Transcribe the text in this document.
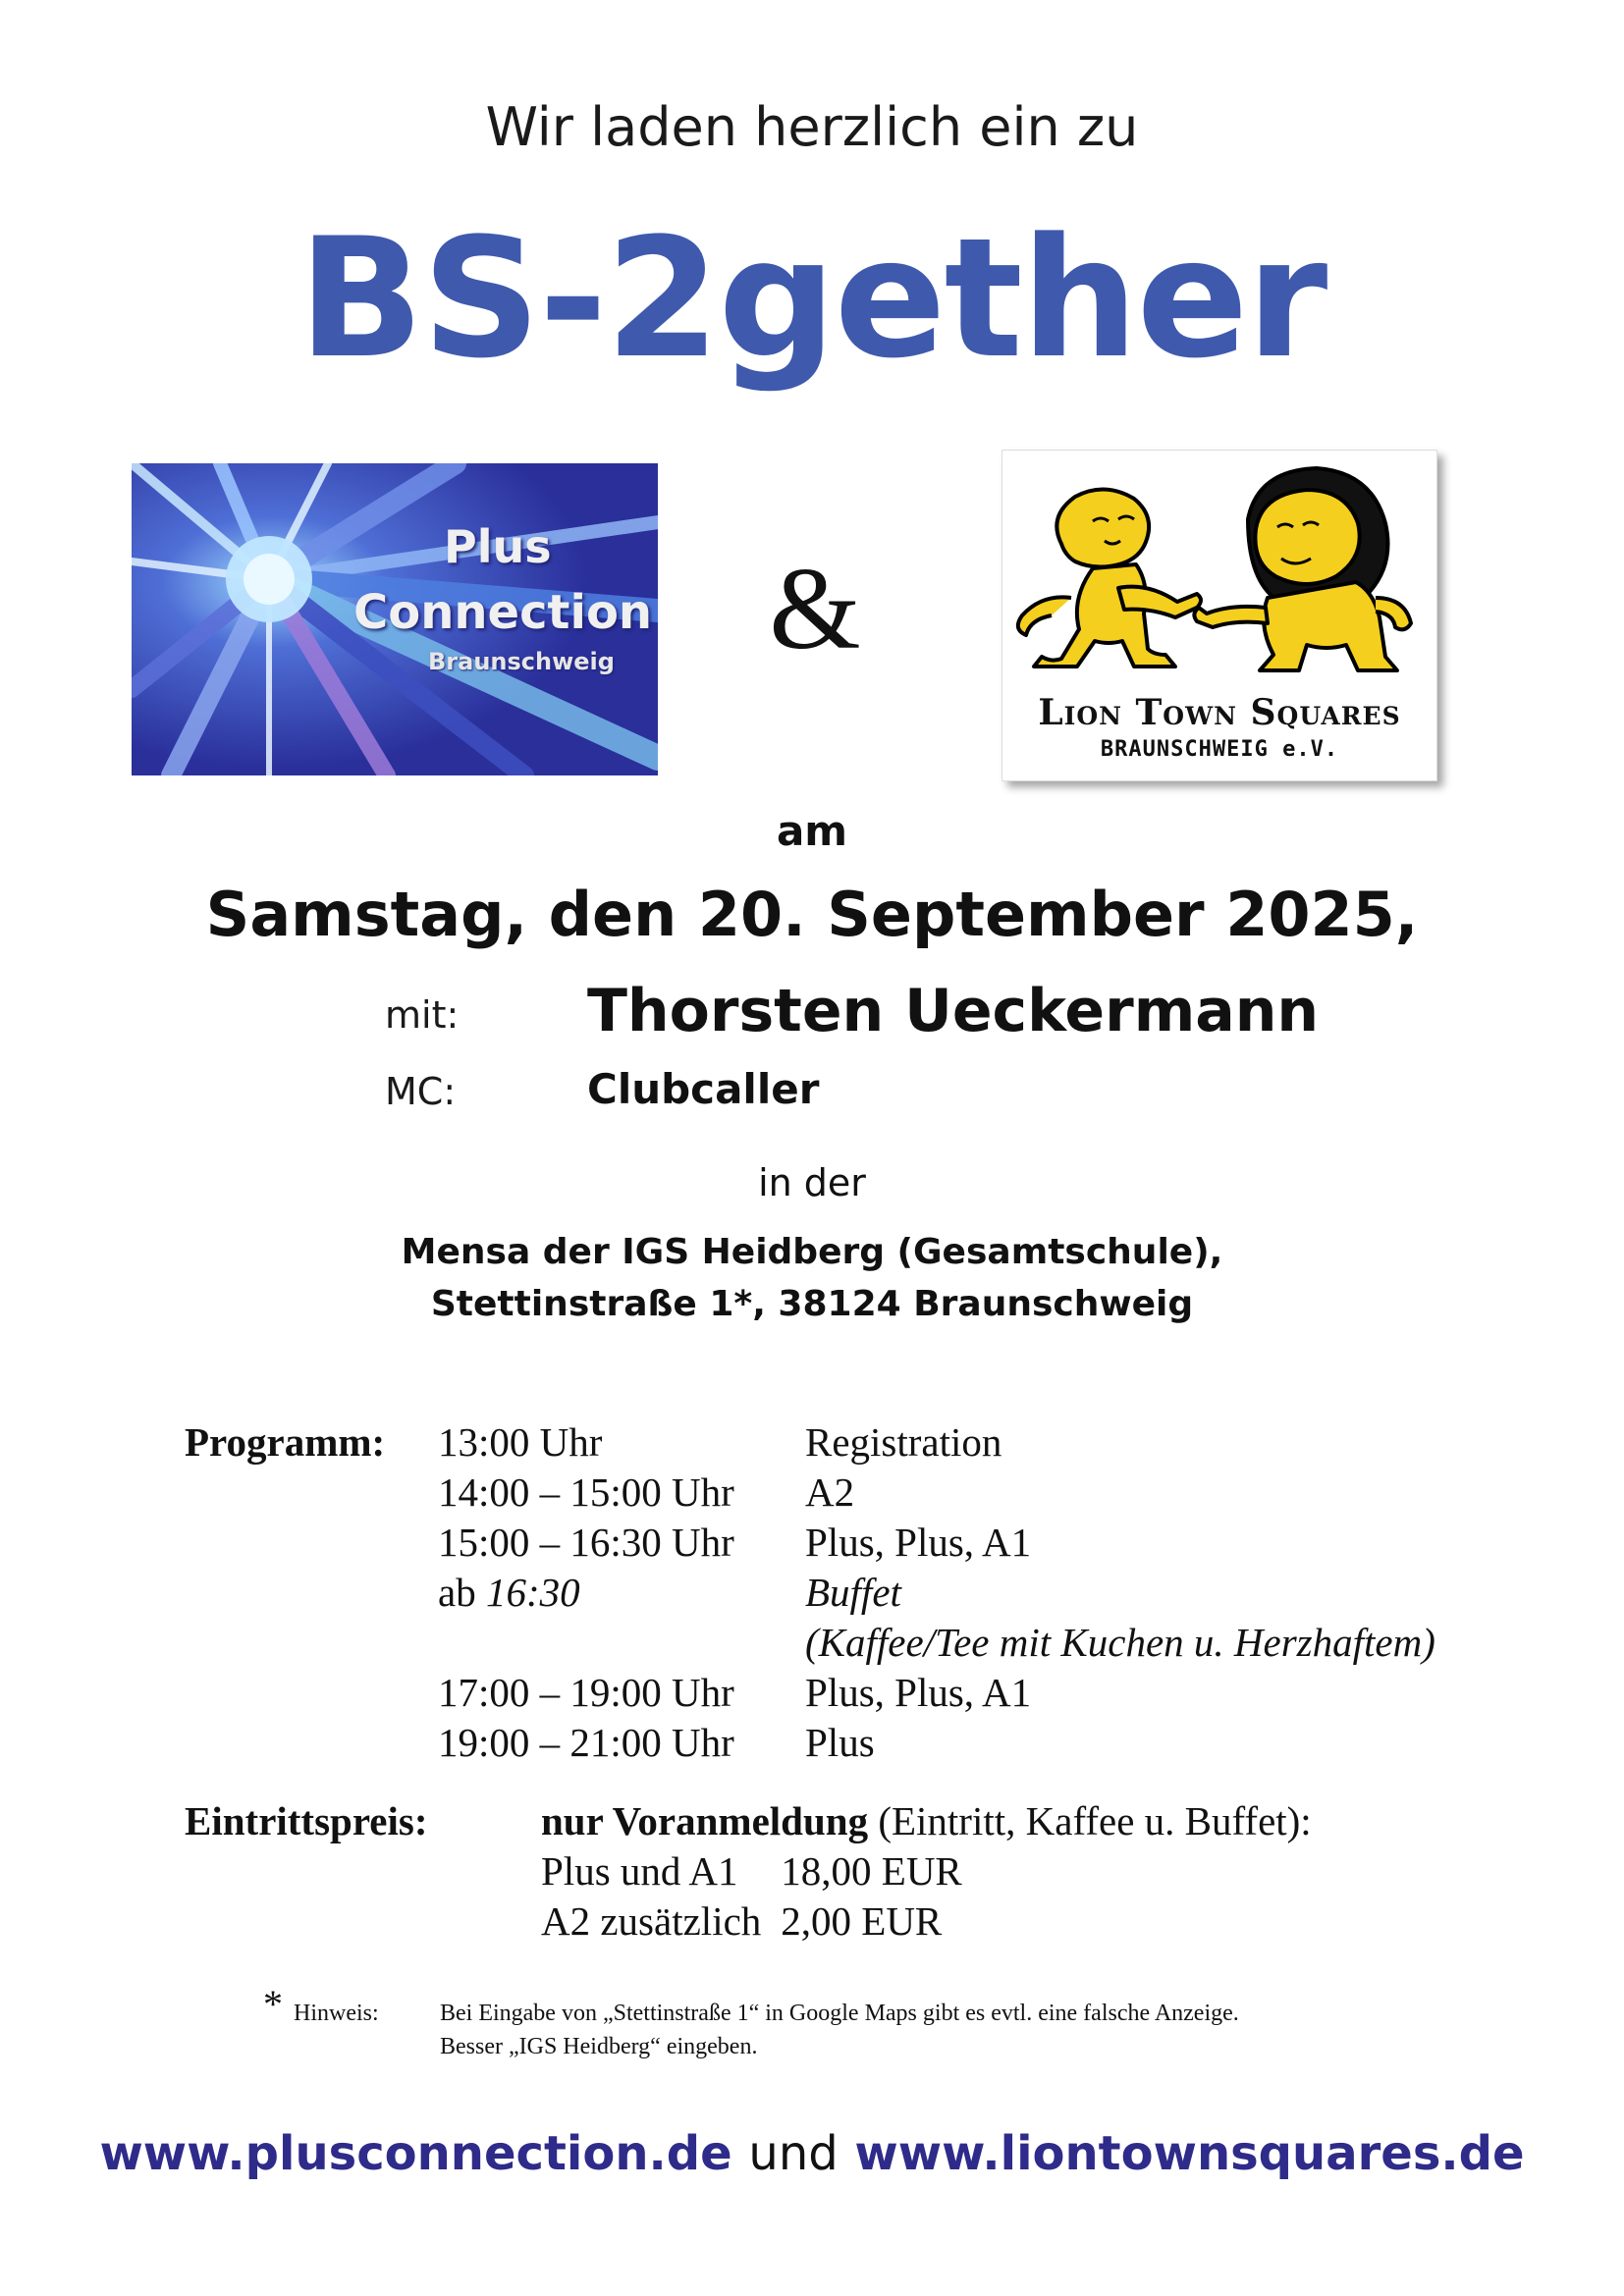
Wir laden herzlich ein zu
BS-2gether
Plus
Connection
Braunschweig &
Lion Town Squares
BRAUNSCHWEIG e.V.
am
Samstag, den 20. September 2025,
mit: Thorsten Ueckermann
MC:	Clubcaller
in der
Mensa der IGS Heidberg (Gesamtschule),
Stettinstraße 1*, 38124 Braunschweig
Programm: 13:00 Uhr	Registration
14:00 – 15:00 Uhr	A2
15:00 – 16:30 Uhr	Plus, Plus, A1
ab 16:30	Buffet
	(Kaffee/Tee mit Kuchen u. Herzhaftem)
17:00 – 19:00 Uhr	Plus, Plus, A1
19:00 – 21:00 Uhr	Plus
Eintrittspreis:	nur Voranmeldung (Eintritt, Kaffee u. Buffet):
Plus und A1	18,00 EUR
A2 zusätzlich	2,00 EUR
* Hinweis:	Bei Eingabe von „Stettinstraße 1“ in Google Maps gibt es evtl. eine falsche Anzeige.
Besser „IGS Heidberg“ eingeben.
www.plusconnection.de und www.liontownsquares.de
